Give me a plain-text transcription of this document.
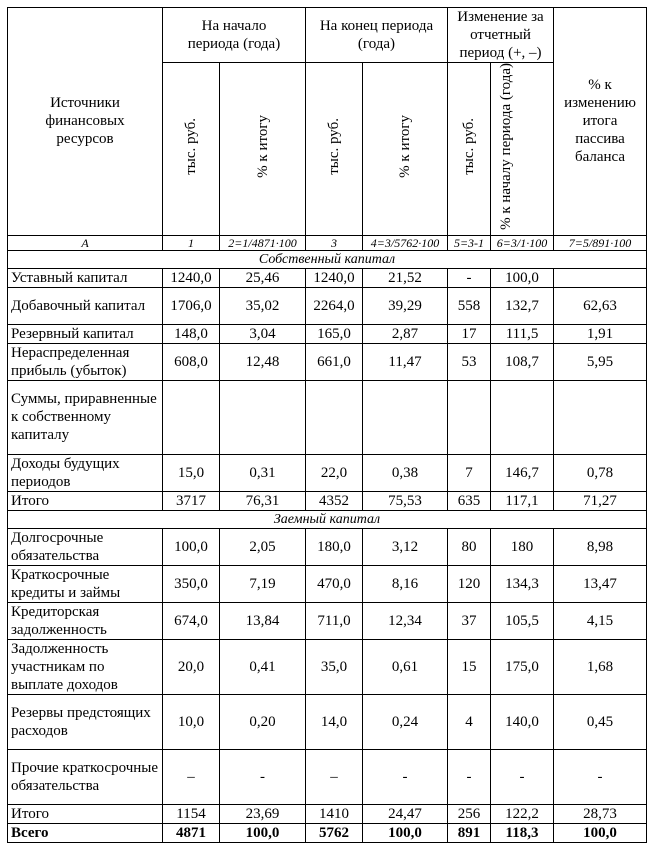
Источники финансовых ресурсов	На начало периода (года)		На конец периода (года)		Изменение за отчетный период (+, –)		% к изменению итога пассива баланса
	тыс. руб.	% к итогу	тыс. руб.	% к итогу	тыс. руб.	% к началу периода (года)	
А	1	2=1/4871·100	3	4=3/5762·100	5=3-1	6=3/1·100	7=5/891·100
Собственный капитал							
Уставный капитал	1240,0	25,46	1240,0	21,52	-	100,0	
Добавочный капитал	1706,0	35,02	2264,0	39,29	558	132,7	62,63
Резервный капитал	148,0	3,04	165,0	2,87	17	111,5	1,91
Нераспределенная прибыль (убыток)	608,0	12,48	661,0	11,47	53	108,7	5,95
Суммы, приравненные к собственному капиталу							
Доходы будущих периодов	15,0	0,31	22,0	0,38	7	146,7	0,78
Итого	3717	76,31	4352	75,53	635	117,1	71,27
Заемный капитал							
Долгосрочные обязательства	100,0	2,05	180,0	3,12	80	180	8,98
Краткосрочные кредиты и займы	350,0	7,19	470,0	8,16	120	134,3	13,47
Кредиторская задолженность	674,0	13,84	711,0	12,34	37	105,5	4,15
Задолженность участникам по выплате доходов	20,0	0,41	35,0	0,61	15	175,0	1,68
Резервы предстоящих расходов	10,0	0,20	14,0	0,24	4	140,0	0,45
Прочие краткосрочные обязательства	–	-	–	-	-	-	-
Итого	1154	23,69	1410	24,47	256	122,2	28,73
Всего	4871	100,0	5762	100,0	891	118,3	100,0
